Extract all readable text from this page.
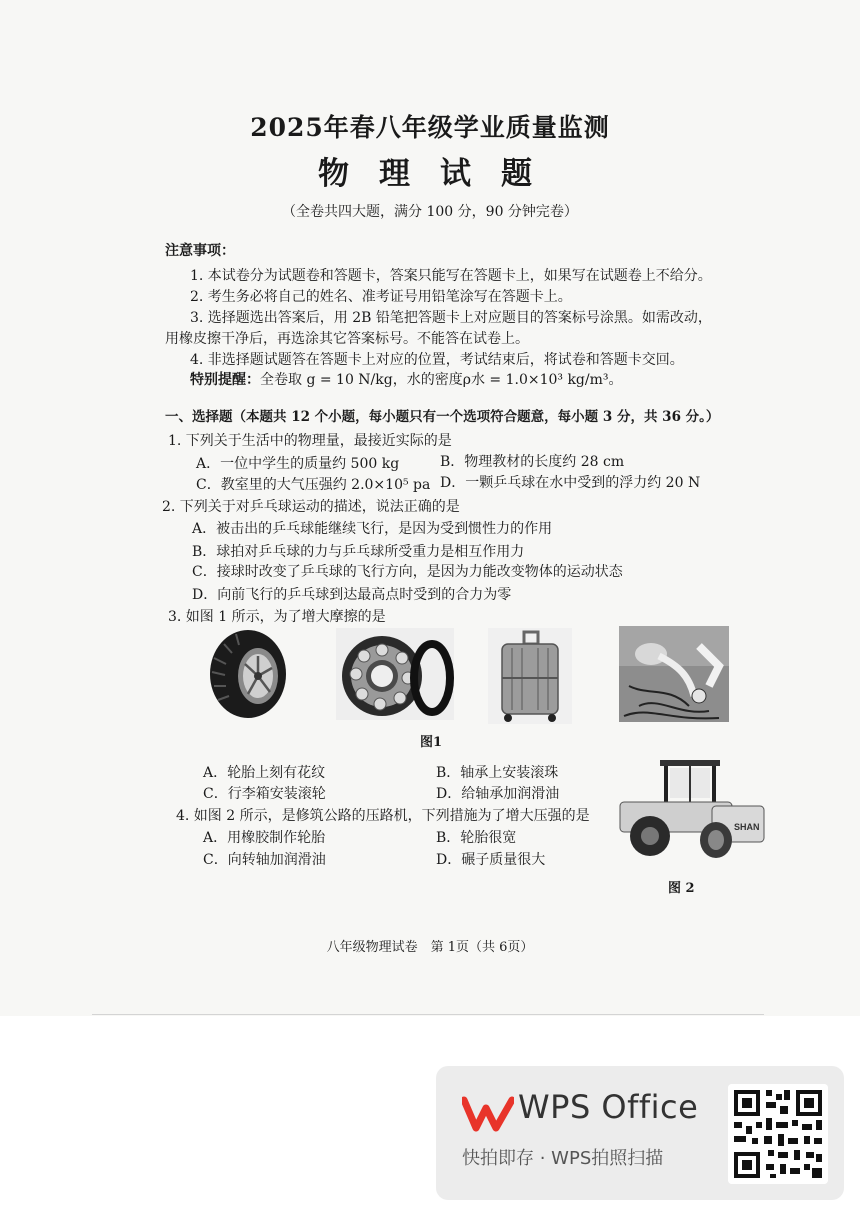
2025年春八年级学业质量监测
物理试题
（全卷共四大题，满分 100 分，90 分钟完卷）
注意事项：
1. 本试卷分为试题卷和答题卡，答案只能写在答题卡上，如果写在试题卷上不给分。
2. 考生务必将自己的姓名、准考证号用铅笔涂写在答题卡上。
3. 选择题选出答案后，用 2B 铅笔把答题卡上对应题目的答案标号涂黑。如需改动，
用橡皮擦干净后，再选涂其它答案标号。不能答在试卷上。
4. 非选择题试题答在答题卡上对应的位置，考试结束后，将试卷和答题卡交回。
特别提醒：全卷取 g = 10 N/kg，水的密度ρ水 = 1.0×10³ kg/m³。
一、选择题（本题共 12 个小题，每小题只有一个选项符合题意，每小题 3 分，共 36 分。）
1. 下列关于生活中的物理量，最接近实际的是
A．一位中学生的质量约 500 kg	B．物理教材的长度约 28 cm
C．教室里的大气压强约 2.0×10⁵ pa D．一颗乒乓球在水中受到的浮力约 20 N
2. 下列关于对乒乓球运动的描述，说法正确的是
A．被击出的乒乓球能继续飞行，是因为受到惯性力的作用
B．球拍对乒乓球的力与乒乓球所受重力是相互作用力
C．接球时改变了乒乓球的飞行方向，是因为力能改变物体的运动状态
D．向前飞行的乒乓球到达最高点时受到的合力为零
3. 如图 1 所示，为了增大摩擦的是
图1
A．轮胎上刻有花纹	B．轴承上安装滚珠
C．行李箱安装滚轮	D．给轴承加润滑油
4. 如图 2 所示，是修筑公路的压路机，下列措施为了增大压强的是
A．用橡胶制作轮胎	B．轮胎很宽
C．向转轴加润滑油	D．碾子质量很大
SHAN
图 2
八年级物理试卷　第 1页（共 6页）
WPS Office
快拍即存 · WPS拍照扫描
